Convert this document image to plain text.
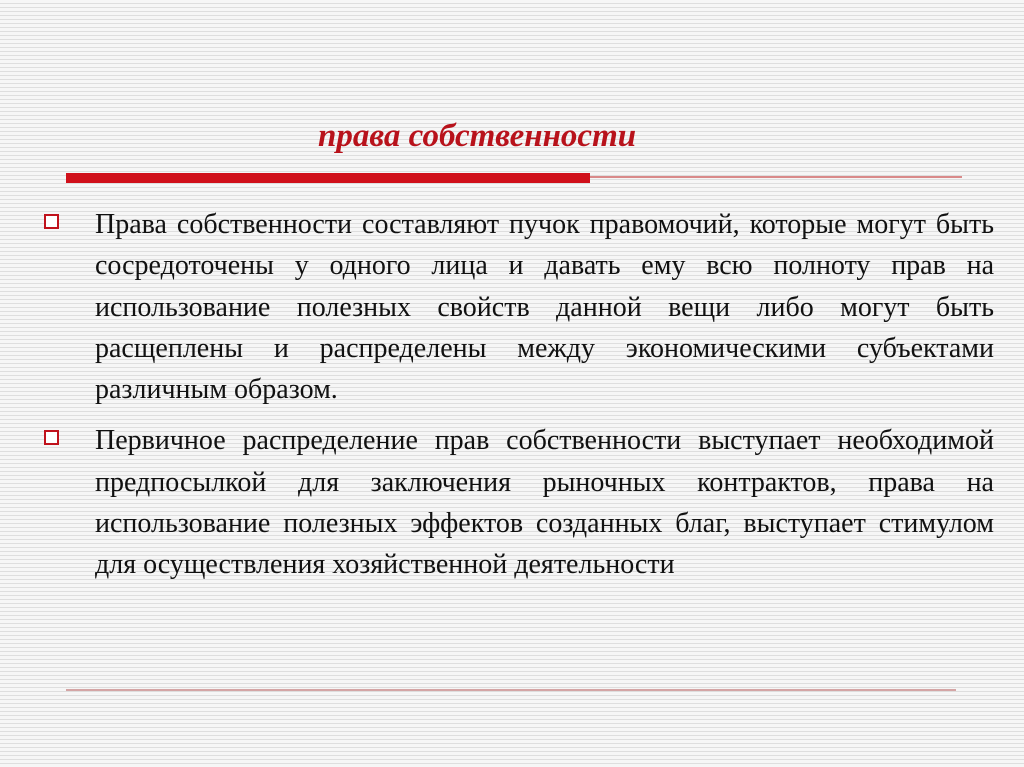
права собственности
Права собственности составляют пучок правомочий, которые могут быть сосредоточены у одного лица и давать ему всю полноту прав на использование полезных свойств данной вещи либо могут быть расщеплены и распределены между экономическими субъектами различным образом.
Первичное распределение прав собственности выступает необходимой предпосылкой для заключения рыночных контрактов, права на использование полезных эффектов созданных благ, выступает стимулом для осуществления хозяйственной деятельности
